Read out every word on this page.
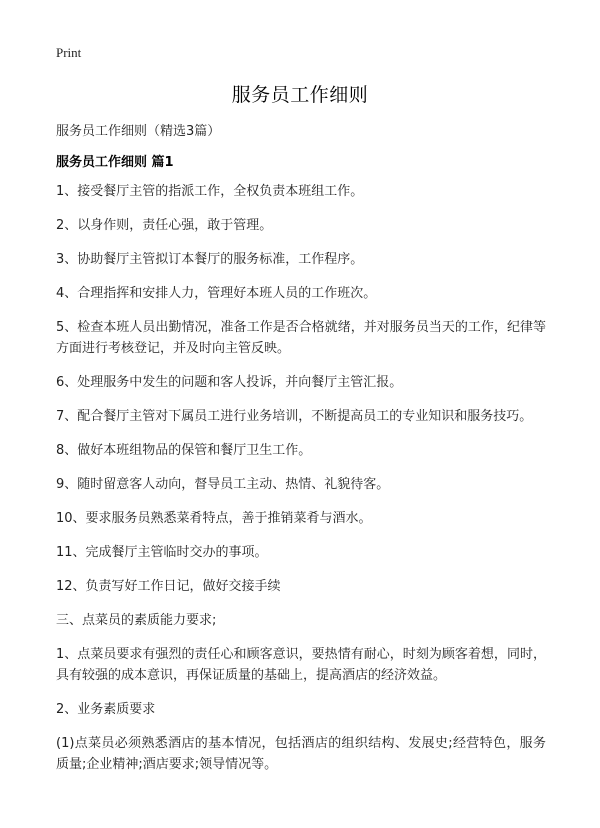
Print
服务员工作细则
服务员工作细则（精选3篇）
服务员工作细则 篇1

1、接受餐厅主管的指派工作，全权负责本班组工作。

2、以身作则，责任心强，敢于管理。

3、协助餐厅主管拟订本餐厅的服务标准，工作程序。

4、合理指挥和安排人力，管理好本班人员的工作班次。

5、检查本班人员出勤情况，准备工作是否合格就绪，并对服务员当天的工作，纪律等方面进行考核登记，并及时向主管反映。

6、处理服务中发生的问题和客人投诉，并向餐厅主管汇报。

7、配合餐厅主管对下属员工进行业务培训，不断提高员工的专业知识和服务技巧。

8、做好本班组物品的保管和餐厅卫生工作。

9、随时留意客人动向，督导员工主动、热情、礼貌待客。

10、要求服务员熟悉菜肴特点，善于推销菜肴与酒水。

11、完成餐厅主管临时交办的事项。

12、负责写好工作日记，做好交接手续

三、点菜员的素质能力要求;

1、点菜员要求有强烈的责任心和顾客意识，要热情有耐心，时刻为顾客着想，同时，具有较强的成本意识，再保证质量的基础上，提高酒店的经济效益。

2、业务素质要求

(1)点菜员必须熟悉酒店的基本情况，包括酒店的组织结构、发展史;经营特色，服务质量;企业精神;酒店要求;领导情况等。
